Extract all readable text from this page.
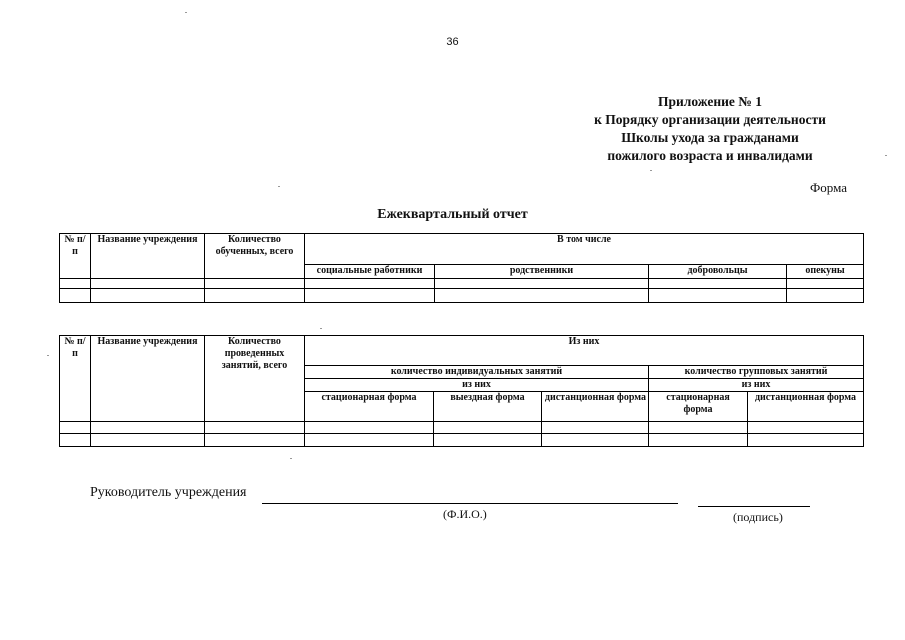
36
Приложение № 1
к Порядку организации деятельности
Школы ухода за гражданами
пожилого возраста и инвалидами
Форма
Ежеквартальный отчет
№ п/п	Название учреждения	Количество обученных, всего	В том числе			
			социальные работники	родственники	добровольцы	опекуны

№ п/п	Название учреждения	Количество проведенных занятий, всего	Из них				
			количество индивидуальных занятий			количество групповых занятий	
			из них			из них	
			стационарная форма	выездная форма	дистанционная форма	стационарная форма	дистанционная форма

Руководитель учреждения
(Ф.И.О.)	(подпись)
